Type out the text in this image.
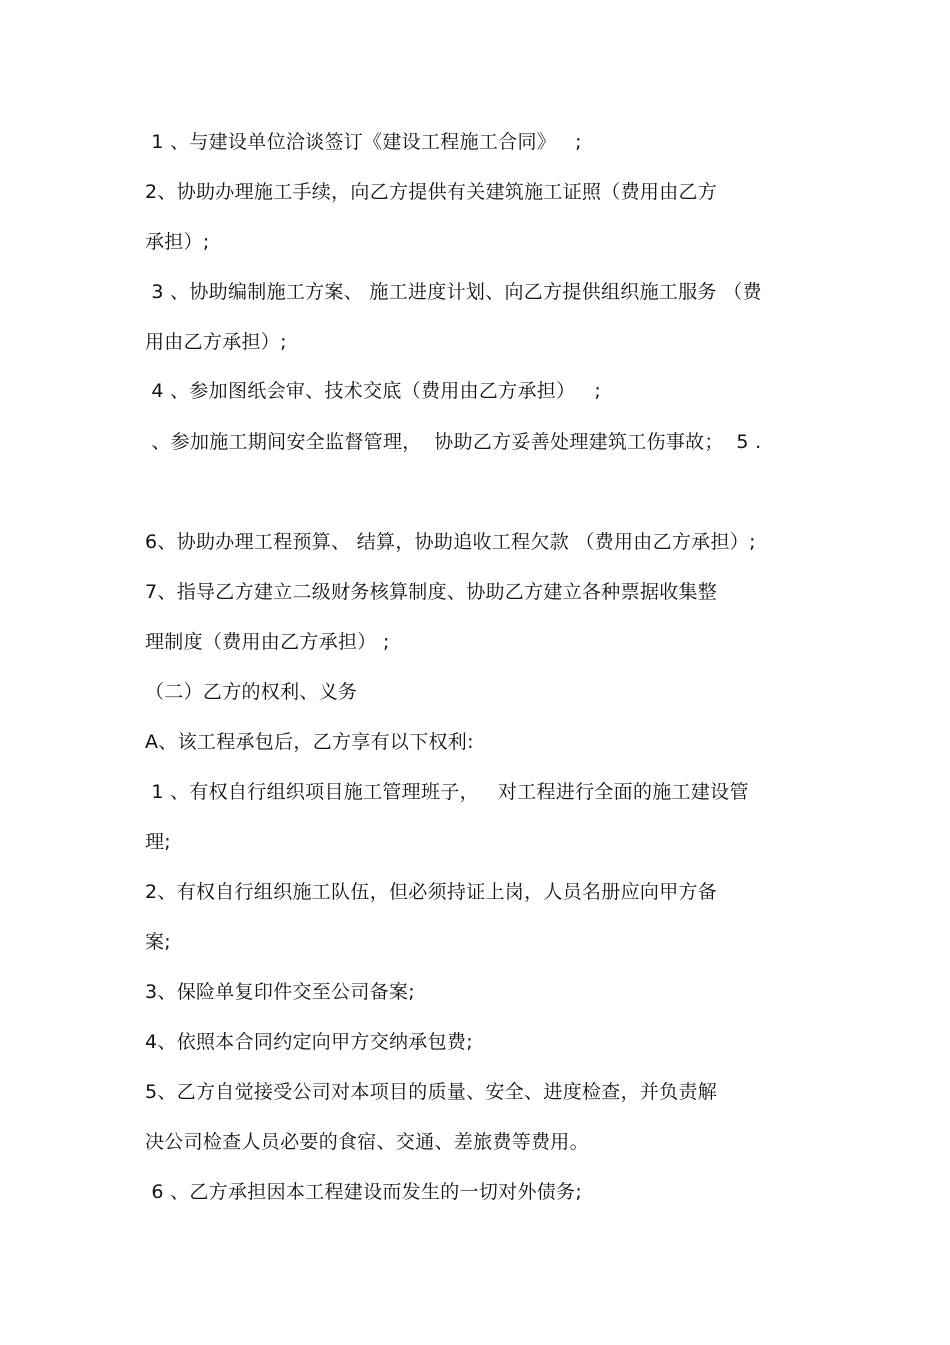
1 、与建设单位洽谈签订《建设工程施工合同》   ;
2、协助办理施工手续，向乙方提供有关建筑施工证照（费用由乙方
承担）;
3 、协助编制施工方案、 施工进度计划、向乙方提供组织施工服务 （费
用由乙方承担）;
4 、参加图纸会审、技术交底（费用由乙方承担）   ;
、参加施工期间安全监督管理，  协助乙方妥善处理建筑工伤事故；  5 .
6、协助办理工程预算、 结算，协助追收工程欠款 （费用由乙方承担）;
7、指导乙方建立二级财务核算制度、协助乙方建立各种票据收集整
理制度（费用由乙方承担） ;
（二）乙方的权利、义务
A、该工程承包后，乙方享有以下权利:
1 、有权自行组织项目施工管理班子，   对工程进行全面的施工建设管
理;
2、有权自行组织施工队伍，但必须持证上岗，人员名册应向甲方备
案;
3、保险单复印件交至公司备案;
4、依照本合同约定向甲方交纳承包费;
5、乙方自觉接受公司对本项目的质量、安全、进度检查，并负责解
决公司检查人员必要的食宿、交通、差旅费等费用。
6 、乙方承担因本工程建设而发生的一切对外债务;
